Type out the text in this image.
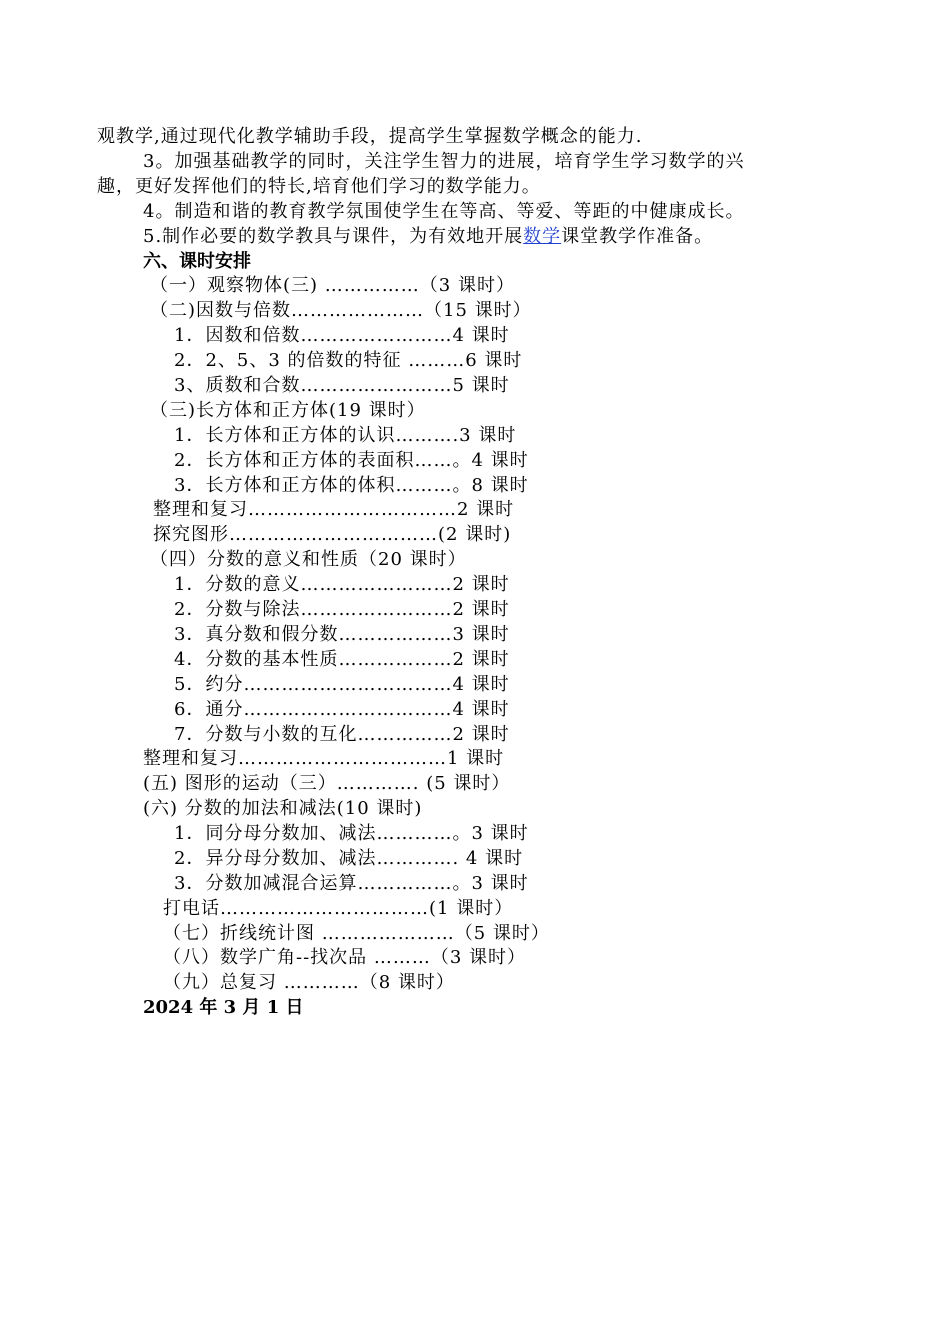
观教学,通过现代化教学辅助手段，提高学生掌握数学概念的能力.
3。加强基础教学的同时，关注学生智力的进展，培育学生学习数学的兴
趣，更好发挥他们的特长,培育他们学习的数学能力。
4。制造和谐的教育教学氛围使学生在等高、等爱、等距的中健康成长。
5.制作必要的数学教具与课件，为有效地开展数学课堂教学作准备。
六、课时安排
（一）观察物体(三) ……………（3 课时）
（二)因数与倍数…………………（15 课时）
1．因数和倍数……………………4 课时
2．2、5、3 的倍数的特征 ………6 课时
3、质数和合数……………………5 课时
（三)长方体和正方体(19 课时）
1．长方体和正方体的认识……….3 课时
2．长方体和正方体的表面积……。4 课时
3．长方体和正方体的体积………。8 课时
整理和复习……………………………2 课时
探究图形……………………………(2 课时)
（四）分数的意义和性质（20 课时）
1．分数的意义……………………2 课时
2．分数与除法……………………2 课时
3．真分数和假分数………………3 课时
4．分数的基本性质………………2 课时
5．约分……………………………4 课时
6．通分……………………………4 课时
7．分数与小数的互化……………2 课时
整理和复习……………………………1 课时
(五) 图形的运动（三）…………. (5 课时）
(六) 分数的加法和减法(10 课时)
1．同分母分数加、减法…………。3 课时
2．异分母分数加、减法…………. 4 课时
3．分数加减混合运算……………。3 课时
打电话……………………………(1 课时）
（七）折线统计图 …………………（5 课时）
（八）数学广角--找次品 ………（3 课时）
（九）总复习 …………（8 课时）
2024 年 3 月 1 日
